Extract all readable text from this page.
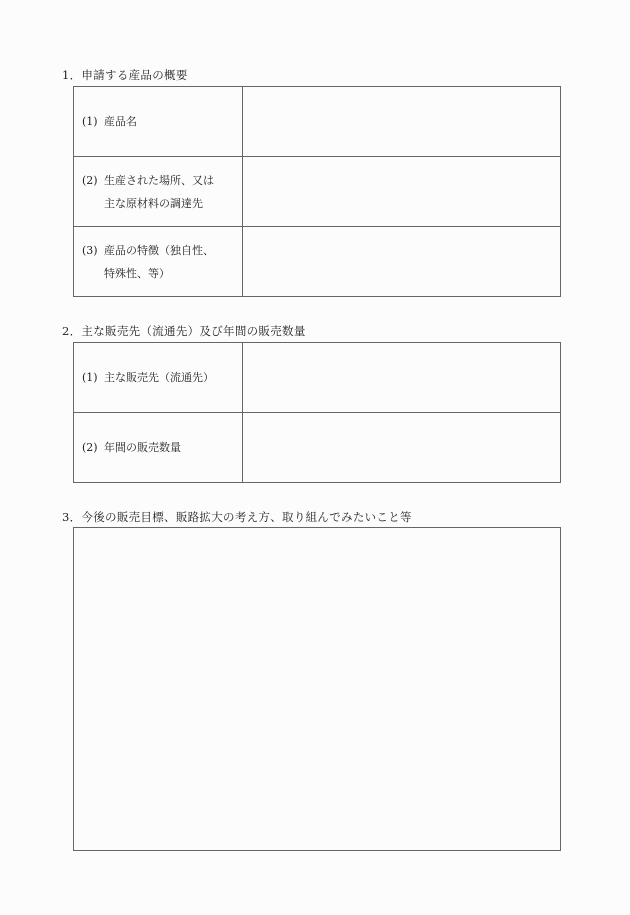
1．申請する産品の概要
(1) 産品名	
(2) 生産された場所、又は
主な原材料の調達先	

(3) 産品の特徴（独自性、
特殊性、等）	

2．主な販売先（流通先）及び年間の販売数量
(1) 主な販売先（流通先）	
(2) 年間の販売数量	
3．今後の販売目標、販路拡大の考え方、取り組んでみたいこと等
